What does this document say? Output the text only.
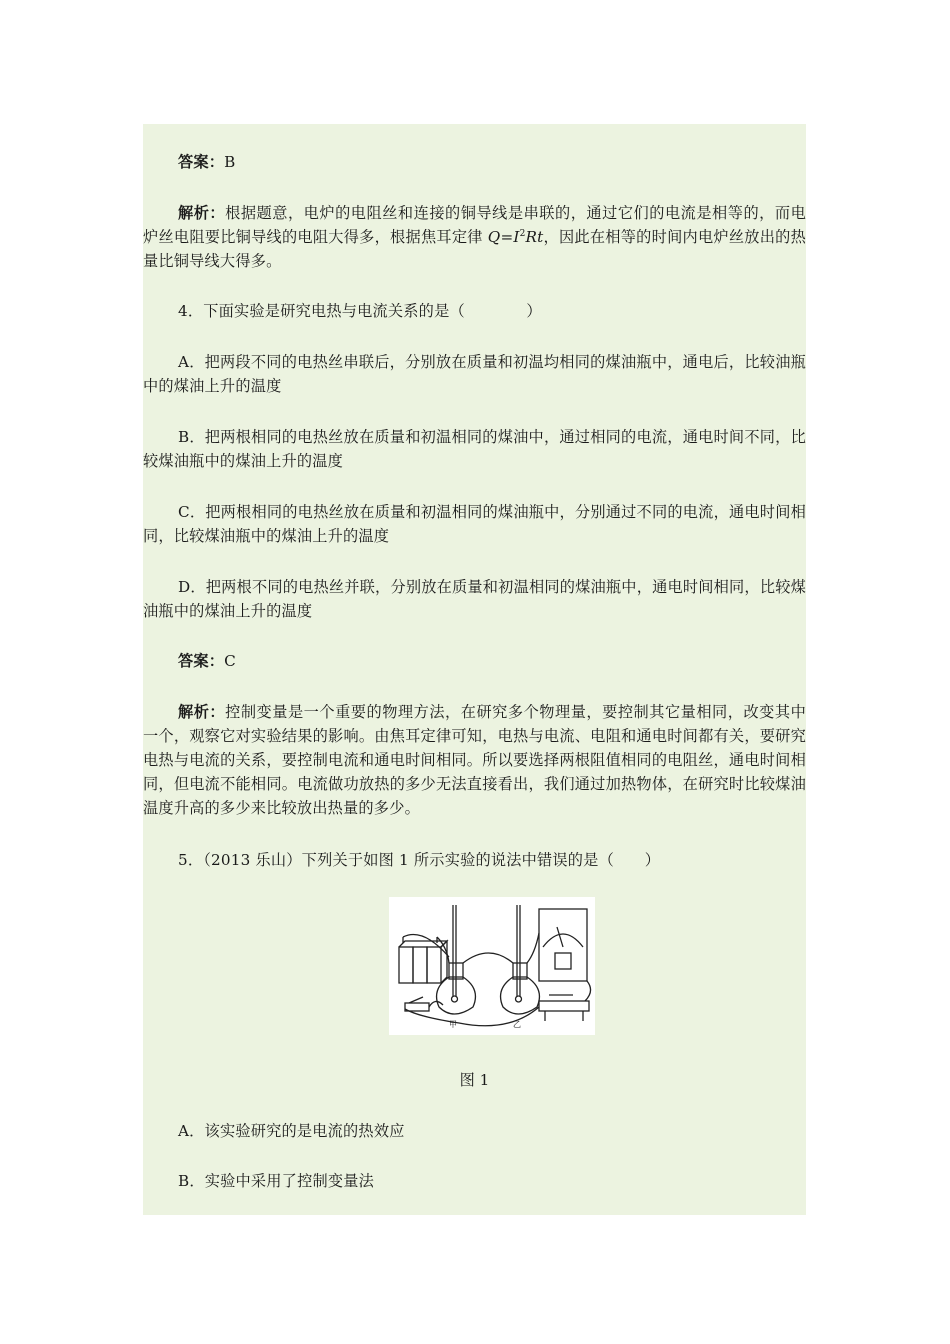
答案：B

解析：根据题意，电炉的电阻丝和连接的铜导线是串联的，通过它们的电流是相等的，而电炉丝电阻要比铜导线的电阻大得多，根据焦耳定律 $Q=I^2Rt$，因此在相等的时间内电炉丝放出的热量比铜导线大得多。

4．下面实验是研究电热与电流关系的是（　　　　）

A．把两段不同的电热丝串联后，分别放在质量和初温均相同的煤油瓶中，通电后，比较油瓶中的煤油上升的温度

B．把两根相同的电热丝放在质量和初温相同的煤油中，通过相同的电流，通电时间不同，比较煤油瓶中的煤油上升的温度

C．把两根相同的电热丝放在质量和初温相同的煤油瓶中，分别通过不同的电流，通电时间相同，比较煤油瓶中的煤油上升的温度

D．把两根不同的电热丝并联，分别放在质量和初温相同的煤油瓶中，通电时间相同，比较煤油瓶中的煤油上升的温度

答案：C

解析：控制变量是一个重要的物理方法，在研究多个物理量，要控制其它量相同，改变其中一个，观察它对实验结果的影响。由焦耳定律可知，电热与电流、电阻和通电时间都有关，要研究电热与电流的关系，要控制电流和通电时间相同。所以要选择两根阻值相同的电阻丝，通电时间相同，但电流不能相同。电流做功放热的多少无法直接看出，我们通过加热物体，在研究时比较煤油温度升高的多少来比较放出热量的多少。

5．（2013 乐山）下列关于如图 1 所示实验的说法中错误的是（　　）

甲	乙
图 1

A．该实验研究的是电流的热效应

B．实验中采用了控制变量法
